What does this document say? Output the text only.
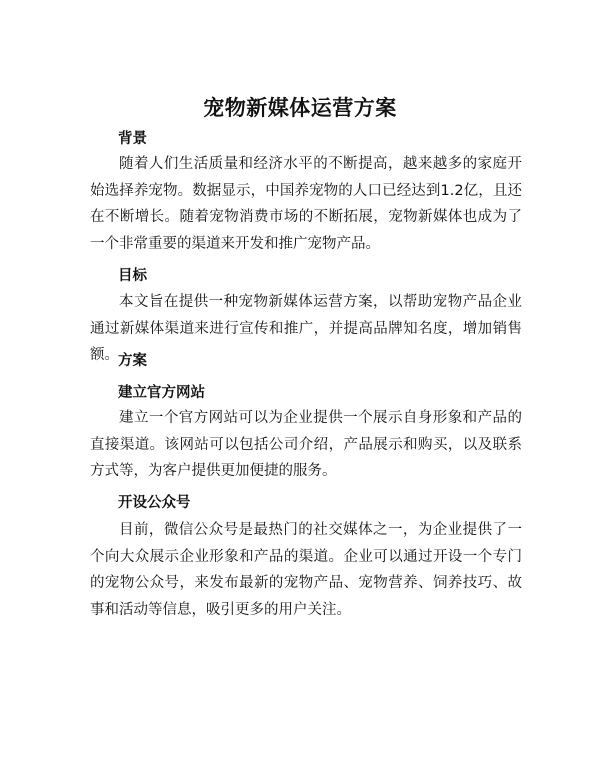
宠物新媒体运营方案
背景
随着人们生活质量和经济水平的不断提高，越来越多的家庭开始选择养宠物。数据显示，中国养宠物的人口已经达到1.2亿，且还在不断增长。随着宠物消费市场的不断拓展，宠物新媒体也成为了一个非常重要的渠道来开发和推广宠物产品。
目标
本文旨在提供一种宠物新媒体运营方案，以帮助宠物产品企业通过新媒体渠道来进行宣传和推广，并提高品牌知名度，增加销售额。 方案
建立官方网站
建立一个官方网站可以为企业提供一个展示自身形象和产品的直接渠道。该网站可以包括公司介绍，产品展示和购买，以及联系方式等，为客户提供更加便捷的服务。
开设公众号
目前，微信公众号是最热门的社交媒体之一，为企业提供了一个向大众展示企业形象和产品的渠道。企业可以通过开设一个专门的宠物公众号，来发布最新的宠物产品、宠物营养、饲养技巧、故事和活动等信息，吸引更多的用户关注。
